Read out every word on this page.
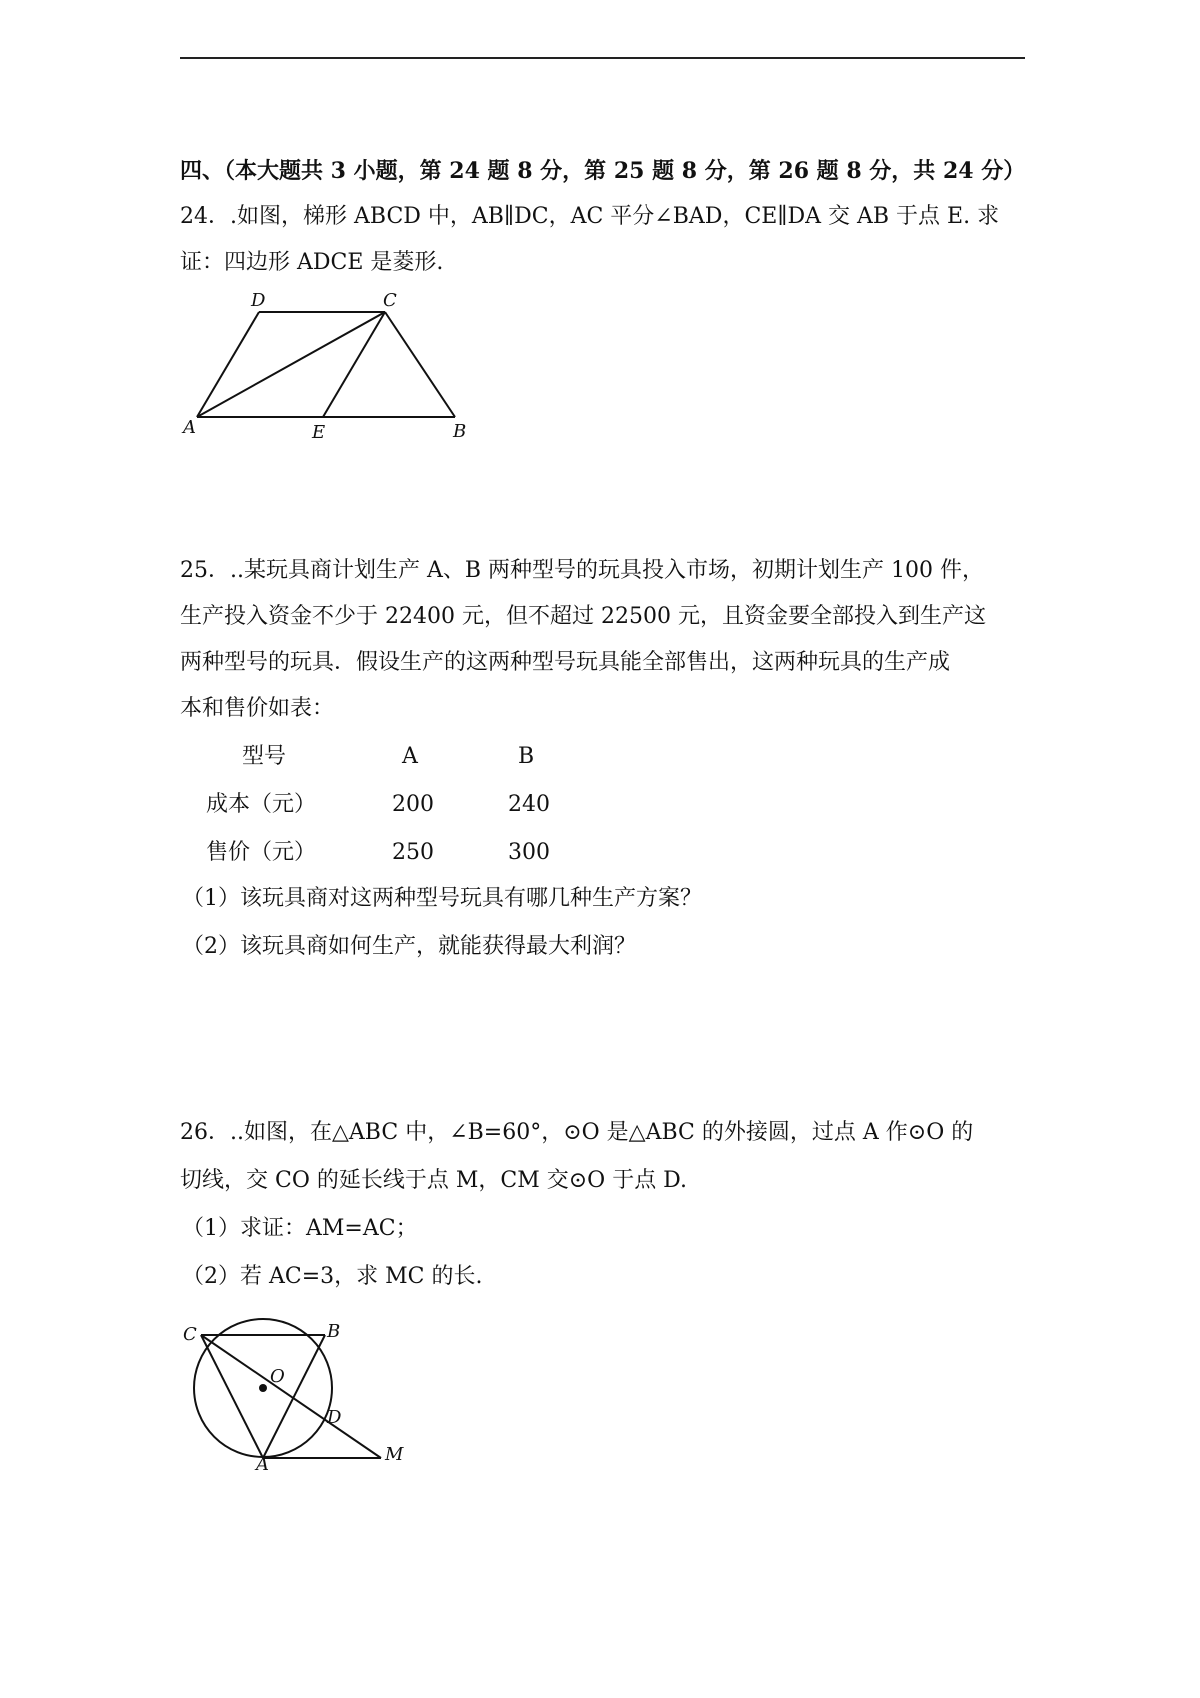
四、（本大题共 3 小题，第 24 题 8 分，第 25 题 8 分，第 26 题 8 分，共 24 分）
24．.如图，梯形 ABCD 中，AB∥DC，AC 平分∠BAD，CE∥DA 交 AB 于点 E. 求
证：四边形 ADCE 是菱形.
D	C
A	E	B
25．..某玩具商计划生产 A、B 两种型号的玩具投入市场，初期计划生产 100 件，
生产投入资金不少于 22400 元，但不超过 22500 元，且资金要全部投入到生产这
两种型号的玩具．假设生产的这两种型号玩具能全部售出，这两种玩具的生产成
本和售价如表：
型号	A	B
成本（元）	200	240
售价（元）	250	300
（1）该玩具商对这两种型号玩具有哪几种生产方案？
（2）该玩具商如何生产，就能获得最大利润？
26．..如图，在△ABC 中，∠B=60°，⊙O 是△ABC 的外接圆，过点 A 作⊙O 的
切线，交 CO 的延长线于点 M，CM 交⊙O 于点 D.
（1）求证：AM=AC；
（2）若 AC=3，求 MC 的长.
C	B
O
D
A	M
